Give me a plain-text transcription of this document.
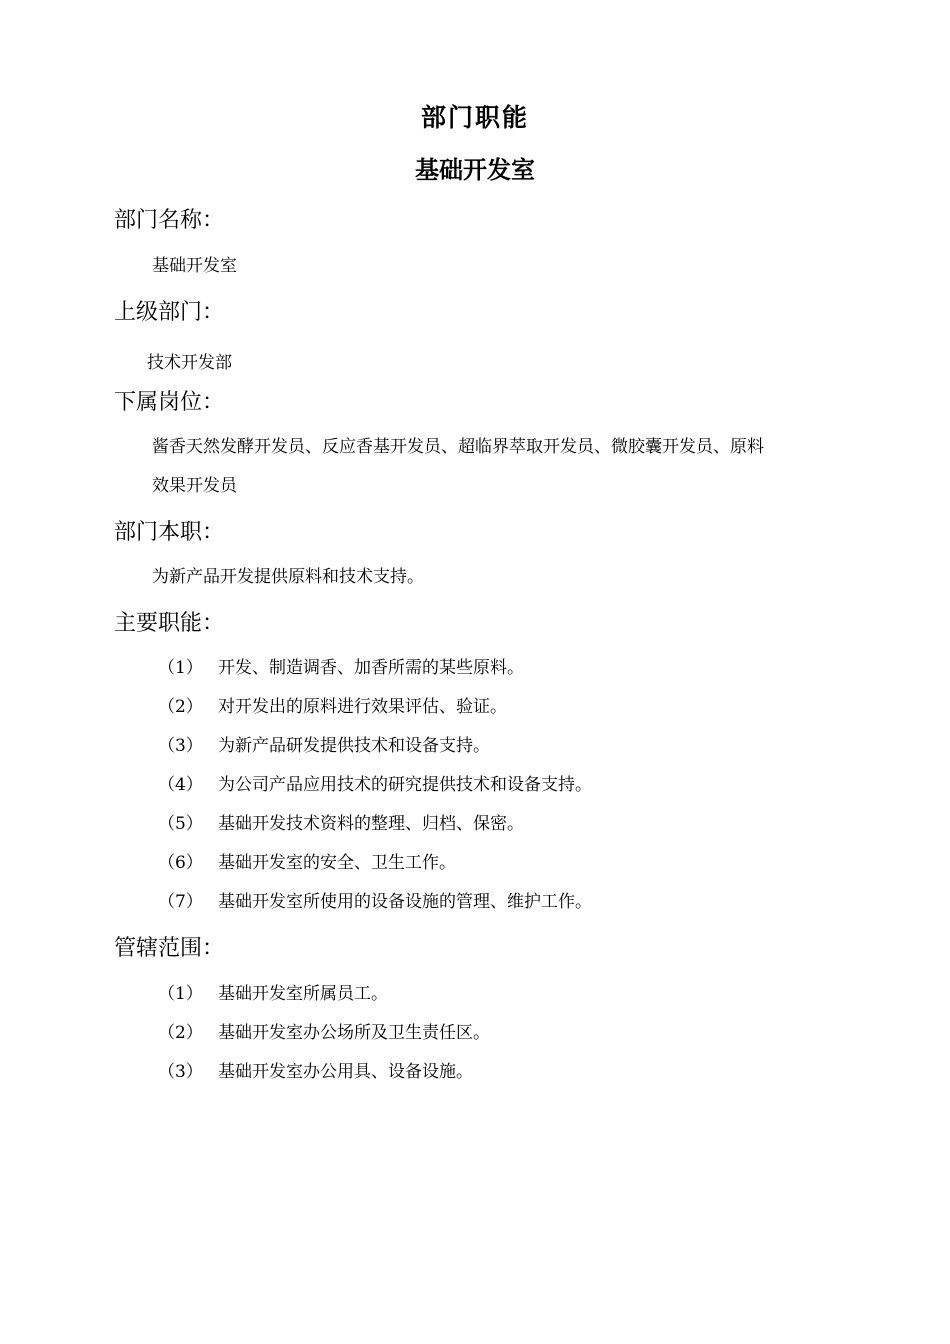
部门职能
基础开发室
部门名称：

基础开发室

上级部门：

技术开发部

下属岗位：

酱香天然发酵开发员、反应香基开发员、超临界萃取开发员、微胶囊开发员、原料

效果开发员

部门本职：

为新产品开发提供原料和技术支持。

主要职能：
（1） 开发、制造调香、加香所需的某些原料。
（2） 对开发出的原料进行效果评估、验证。
（3） 为新产品研发提供技术和设备支持。
（4） 为公司产品应用技术的研究提供技术和设备支持。
（5） 基础开发技术资料的整理、归档、保密。
（6） 基础开发室的安全、卫生工作。
（7） 基础开发室所使用的设备设施的管理、维护工作。
管辖范围：
（1） 基础开发室所属员工。
（2） 基础开发室办公场所及卫生责任区。
（3） 基础开发室办公用具、设备设施。
